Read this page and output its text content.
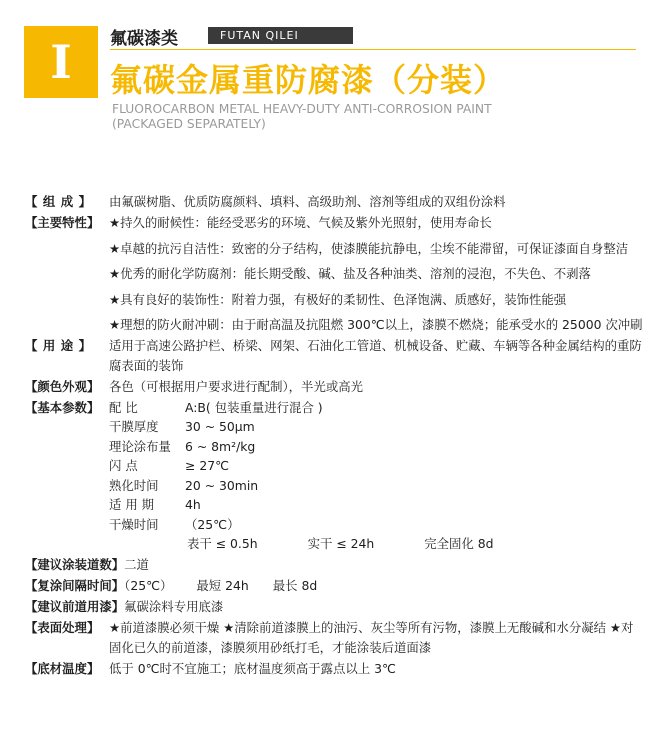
I 氟碳漆类	FUTAN QILEI
氟碳金属重防腐漆（分装）
FLUOROCARBON METAL HEAVY-DUTY ANTI-CORROSION PAINT
(PACKAGED SEPARATELY)
【组成】	由氟碳树脂、优质防腐颜料、填料、高级助剂、溶剂等组成的双组份涂料
【主要特性】 ★持久的耐候性：能经受恶劣的环境、气候及紫外光照射，使用寿命长
★卓越的抗污自洁性：致密的分子结构，使漆膜能抗静电，尘埃不能滞留，可保证漆面自身整洁
★优秀的耐化学防腐剂：能长期受酸、碱、盐及各种油类、溶剂的浸泡，不失色、不剥落
★具有良好的装饰性：附着力强，有极好的柔韧性、色泽饱满、质感好，装饰性能强
★理想的防火耐冲刷：由于耐高温及抗阻燃 300℃以上，漆膜不燃烧；能承受水的 25000 次冲刷
【用途】	适用于高速公路护栏、桥梁、网架、石油化工管道、机械设备、贮藏、车辆等各种金属结构的重防腐表面的装饰
【颜色外观】 各色（可根据用户要求进行配制），半光或高光
【基本参数】 配 比	A:B( 包装重量进行混合 )
干膜厚度	30 ~ 50μm
理论涂布量	6 ~ 8m²/kg
闪 点	≥ 27℃
熟化时间	20 ~ 30min
适 用 期	4h
干燥时间	（25℃）
表干 ≤ 0.5h	实干 ≤ 24h	完全固化 8d
【建议涂装道数】二道
【复涂间隔时间】（25℃） 最短 24h 最长 8d
【建议前道用漆】氟碳涂料专用底漆
【表面处理】 ★前道漆膜必须干燥 ★清除前道漆膜上的油污、灰尘等所有污物，漆膜上无酸碱和水分凝结 ★对固化已久的前道漆，漆膜须用砂纸打毛，才能涂装后道面漆
【底材温度】 低于 0℃时不宜施工；底材温度须高于露点以上 3℃
